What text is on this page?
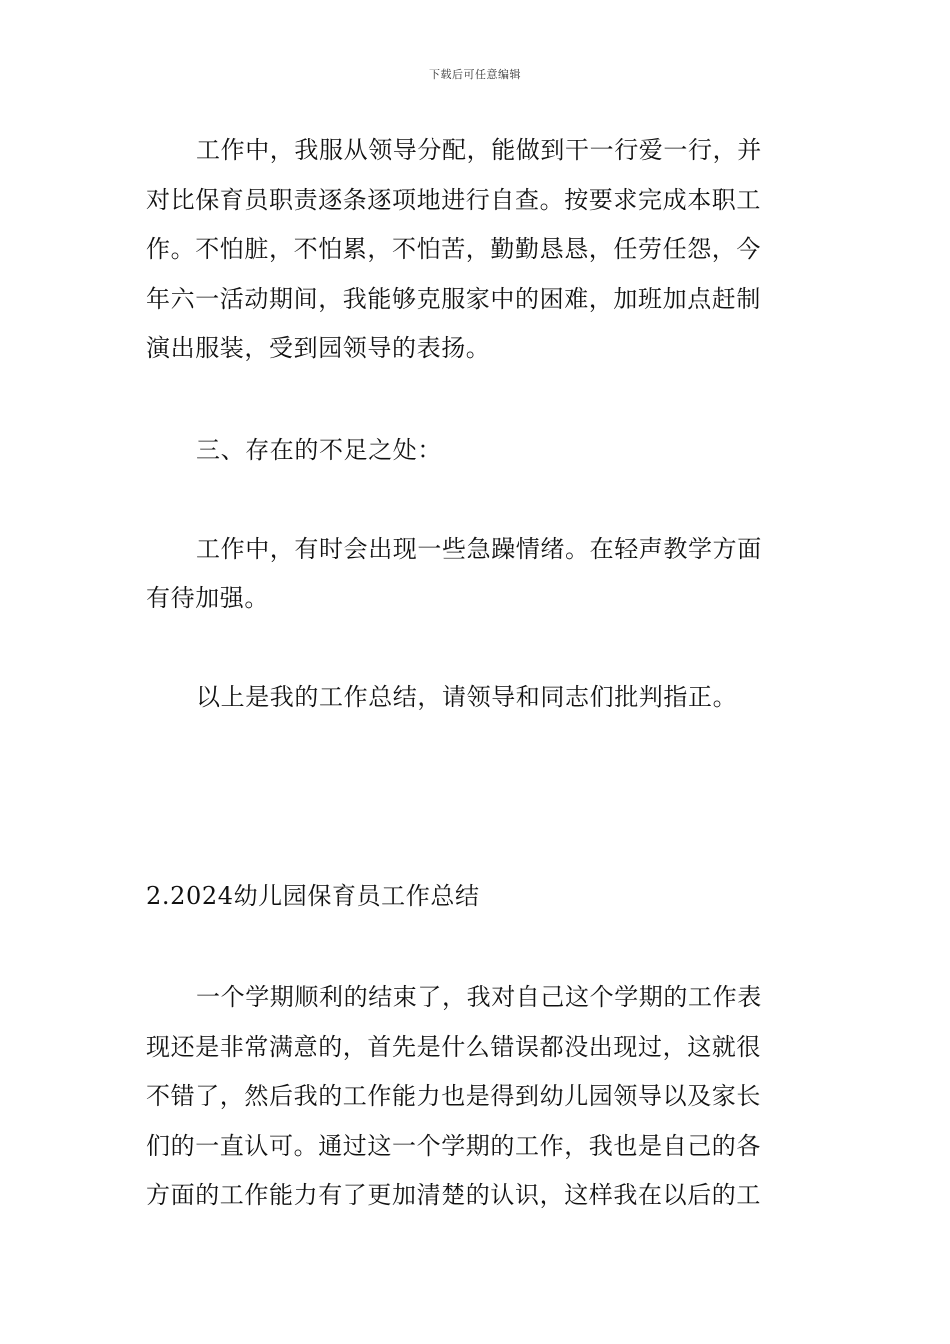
下载后可任意编辑
工作中，我服从领导分配，能做到干一行爱一行，并
对比保育员职责逐条逐项地进行自查。按要求完成本职工
作。不怕脏，不怕累，不怕苦，勤勤恳恳，任劳任怨，今
年六一活动期间，我能够克服家中的困难，加班加点赶制
演出服装，受到园领导的表扬。
三、存在的不足之处：
工作中，有时会出现一些急躁情绪。在轻声教学方面
有待加强。
以上是我的工作总结，请领导和同志们批判指正。
2.2024幼儿园保育员工作总结
一个学期顺利的结束了，我对自己这个学期的工作表
现还是非常满意的，首先是什么错误都没出现过，这就很
不错了，然后我的工作能力也是得到幼儿园领导以及家长
们的一直认可。通过这一个学期的工作，我也是自己的各
方面的工作能力有了更加清楚的认识，这样我在以后的工
